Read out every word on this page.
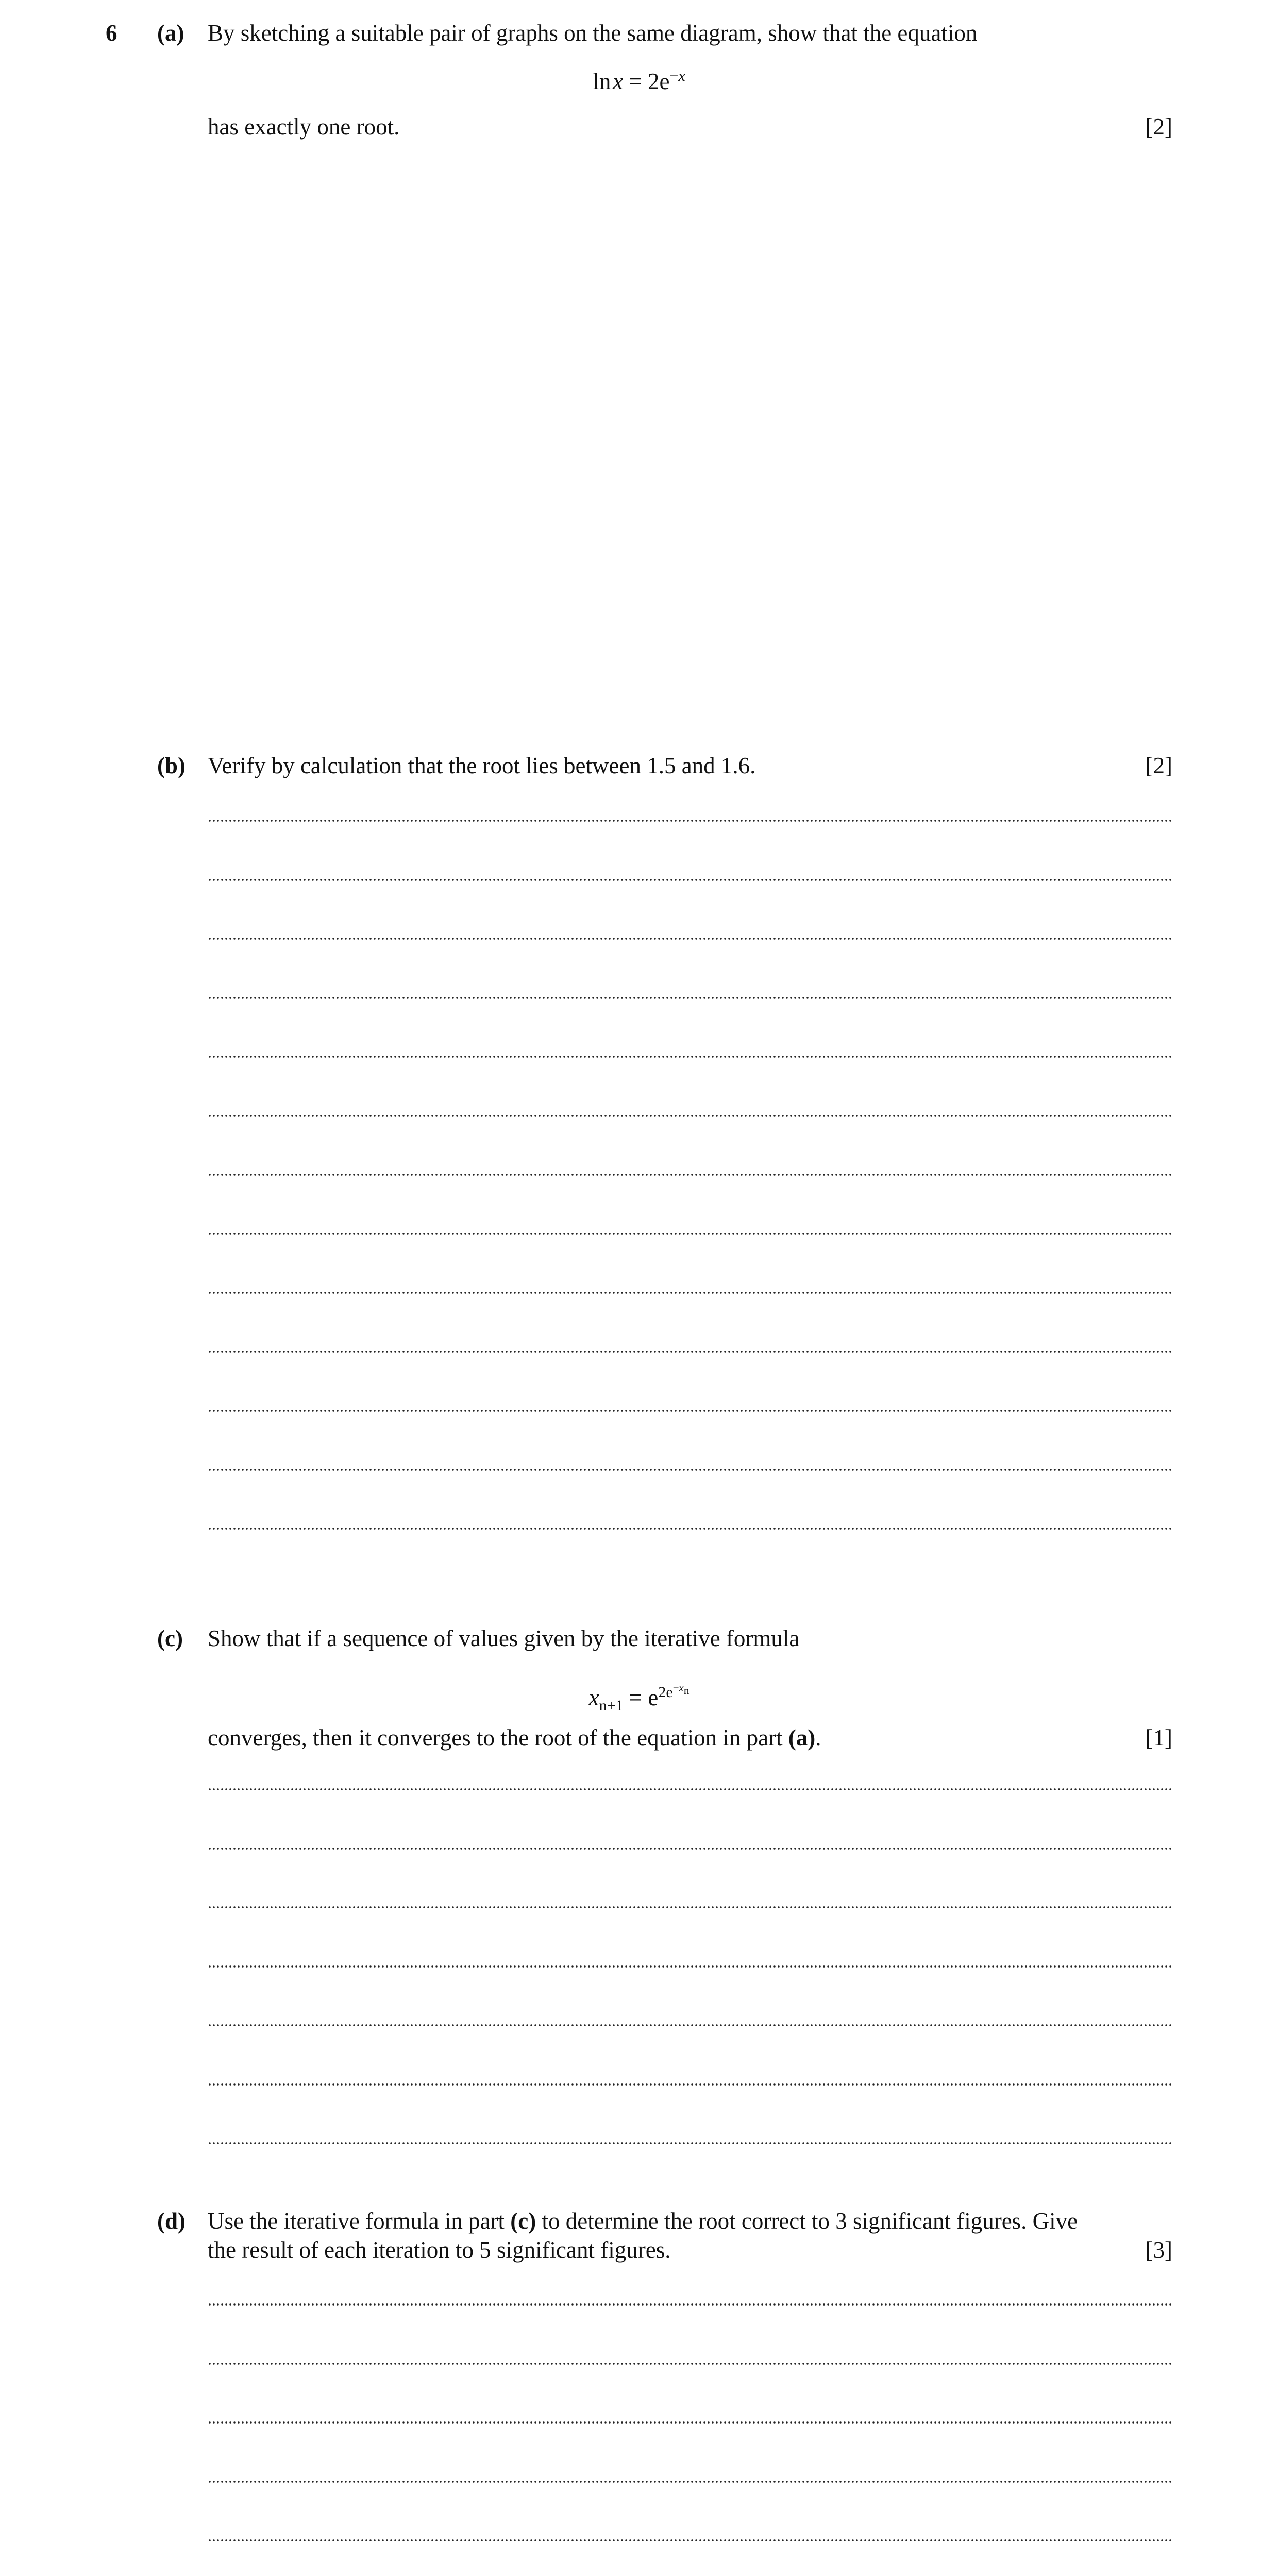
6 (a) By sketching a suitable pair of graphs on the same diagram, show that the equation
ln $x = 2e^{-x}$
has exactly one root.	[2]
(b) Verify by calculation that the root lies between 1.5 and 1.6.	[2]
(c) Show that if a sequence of values given by the iterative formula
$x_{n+1} = e^{2e^{-x_n}}$
converges, then it converges to the root of the equation in part (a).	[1]
(d) Use the iterative formula in part (c) to determine the root correct to 3 significant figures. Give
the result of each iteration to 5 significant figures.	[3]
